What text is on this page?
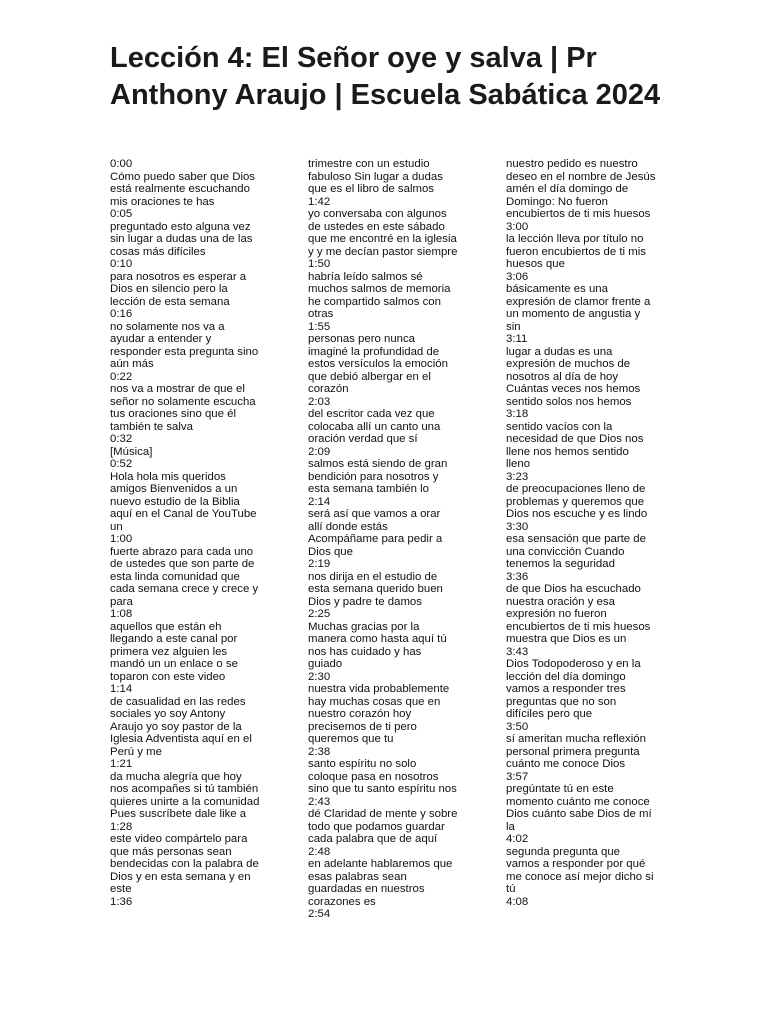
Lección 4: El Señor oye y salva | Pr Anthony Araujo | Escuela Sabática 2024
0:00
Cómo puedo saber que Dios
está realmente escuchando
mis oraciones te has
0:05
preguntado esto alguna vez
sin lugar a dudas una de las
cosas más difíciles
0:10
para nosotros es esperar a
Dios en silencio pero la
lección de esta semana
0:16
no solamente nos va a
ayudar a entender y
responder esta pregunta sino
aún más
0:22
nos va a mostrar de que el
señor no solamente escucha
tus oraciones sino que él
también te salva
0:32
[Música]
0:52
Hola hola mis queridos
amigos Bienvenidos a un
nuevo estudio de la Biblia
aquí en el Canal de YouTube
un
1:00
fuerte abrazo para cada uno
de ustedes que son parte de
esta linda comunidad que
cada semana crece y crece y
para
1:08
aquellos que están eh
llegando a este canal por
primera vez alguien les
mandó un un enlace o se
toparon con este video
1:14
de casualidad en las redes
sociales yo soy Antony
Araujo yo soy pastor de la
Iglesia Adventista aquí en el
Perú y me
1:21
da mucha alegría que hoy
nos acompañes si tú también
quieres unirte a la comunidad
Pues suscríbete dale like a
1:28
este video compártelo para
que más personas sean
bendecidas con la palabra de
Dios y en esta semana y en
este
1:36
trimestre con un estudio
fabuloso Sin lugar a dudas
que es el libro de salmos
1:42
yo conversaba con algunos
de ustedes en este sábado
que me encontré en la iglesia
y y me decían pastor siempre
1:50
habría leído salmos sé
muchos salmos de memoria
he compartido salmos con
otras
1:55
personas pero nunca
imaginé la profundidad de
estos versículos la emoción
que debió albergar en el
corazón
2:03
del escritor cada vez que
colocaba allí un canto una
oración verdad que sí
2:09
salmos está siendo de gran
bendición para nosotros y
esta semana también lo
2:14
será así que vamos a orar
allí donde estás
Acompáñame para pedir a
Dios que
2:19
nos dirija en el estudio de
esta semana querido buen
Dios y padre te damos
2:25
Muchas gracias por la
manera como hasta aquí tú
nos has cuidado y has
guiado
2:30
nuestra vida probablemente
hay muchas cosas que en
nuestro corazón hoy
precisemos de ti pero
queremos que tu
2:38
santo espíritu no solo
coloque pasa en nosotros
sino que tu santo espíritu nos
2:43
dé Claridad de mente y sobre
todo que podamos guardar
cada palabra que de aquí
2:48
en adelante hablaremos que
esas palabras sean
guardadas en nuestros
corazones es
2:54
nuestro pedido es nuestro
deseo en el nombre de Jesús
amén el día domingo de
Domingo: No fueron
encubiertos de ti mis huesos
3:00
la lección lleva por título no
fueron encubiertos de ti mis
huesos que
3:06
básicamente es una
expresión de clamor frente a
un momento de angustia y
sin
3:11
lugar a dudas es una
expresión de muchos de
nosotros al día de hoy
Cuántas veces nos hemos
sentido solos nos hemos
3:18
sentido vacíos con la
necesidad de que Dios nos
llene nos hemos sentido
lleno
3:23
de preocupaciones lleno de
problemas y queremos que
Dios nos escuche y es lindo
3:30
esa sensación que parte de
una convicción Cuando
tenemos la seguridad
3:36
de que Dios ha escuchado
nuestra oración y esa
expresión no fueron
encubiertos de ti mis huesos
muestra que Dios es un
3:43
Dios Todopoderoso y en la
lección del día domingo
vamos a responder tres
preguntas que no son
difíciles pero que
3:50
sí ameritan mucha reflexión
personal primera pregunta
cuánto me conoce Dios
3:57
pregúntate tú en este
momento cuánto me conoce
Dios cuánto sabe Dios de mí
la
4:02
segunda pregunta que
vamos a responder por qué
me conoce así mejor dicho si
tú
4:08
